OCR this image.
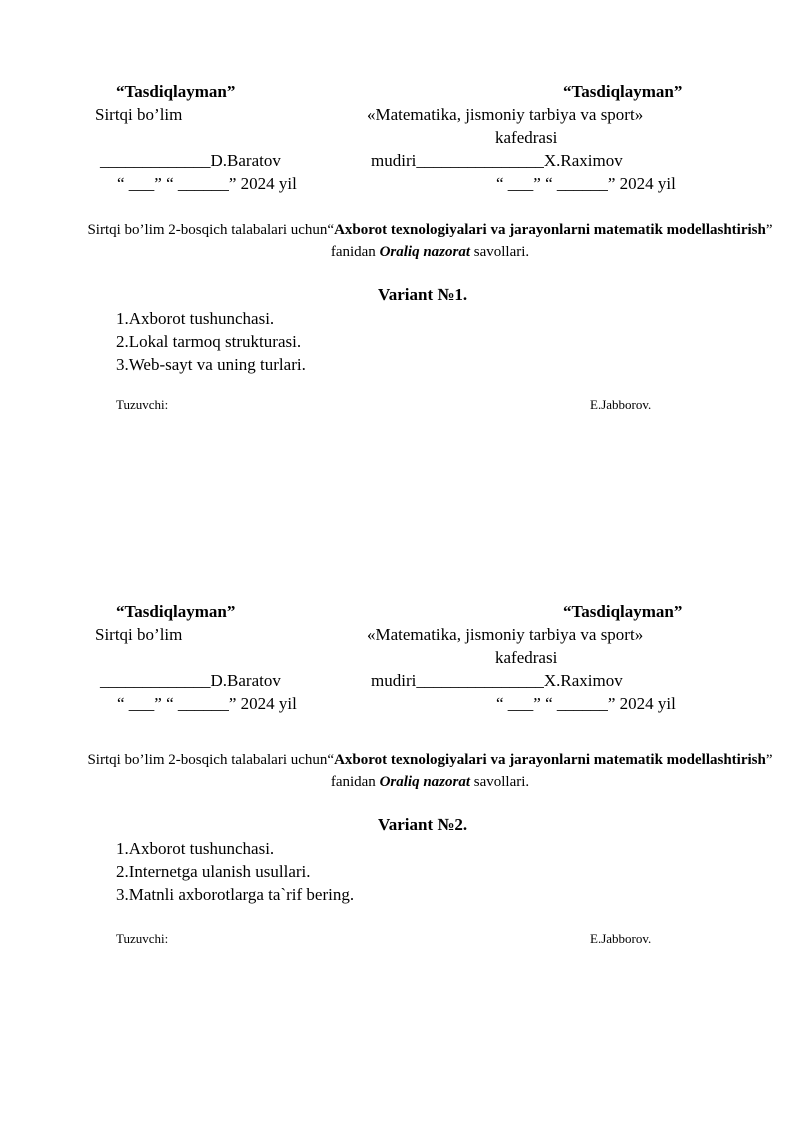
“Tasdiqlayman”	“Tasdiqlayman”
Sirtqi bo’lim	«Matematika, jismoniy tarbiya va sport»
kafedrasi
_____________D.Baratov	mudiri_______________X.Raximov
“ ___” “ ______” 2024 yil	“ ___” “ ______” 2024 yil
Sirtqi bo’lim 2-bosqich talabalari uchun“Axborot texnologiyalari va jarayonlarni matematik modellashtirish” fanidan Oraliq nazorat savollari.
Variant №1.
1.Axborot tushunchasi.
2.Lokal tarmoq strukturasi.
3.Web-sayt va uning turlari.
Tuzuvchi:	E.Jabborov.
“Tasdiqlayman”	“Tasdiqlayman”
Sirtqi bo’lim	«Matematika, jismoniy tarbiya va sport»
kafedrasi
_____________D.Baratov	mudiri_______________X.Raximov
“ ___” “ ______” 2024 yil	“ ___” “ ______” 2024 yil
Sirtqi bo’lim 2-bosqich talabalari uchun“Axborot texnologiyalari va jarayonlarni matematik modellashtirish” fanidan Oraliq nazorat savollari.
Variant №2.
1.Axborot tushunchasi.
2.Internetga ulanish usullari.
3.Matnli axborotlarga ta`rif bering.
Tuzuvchi:	E.Jabborov.
